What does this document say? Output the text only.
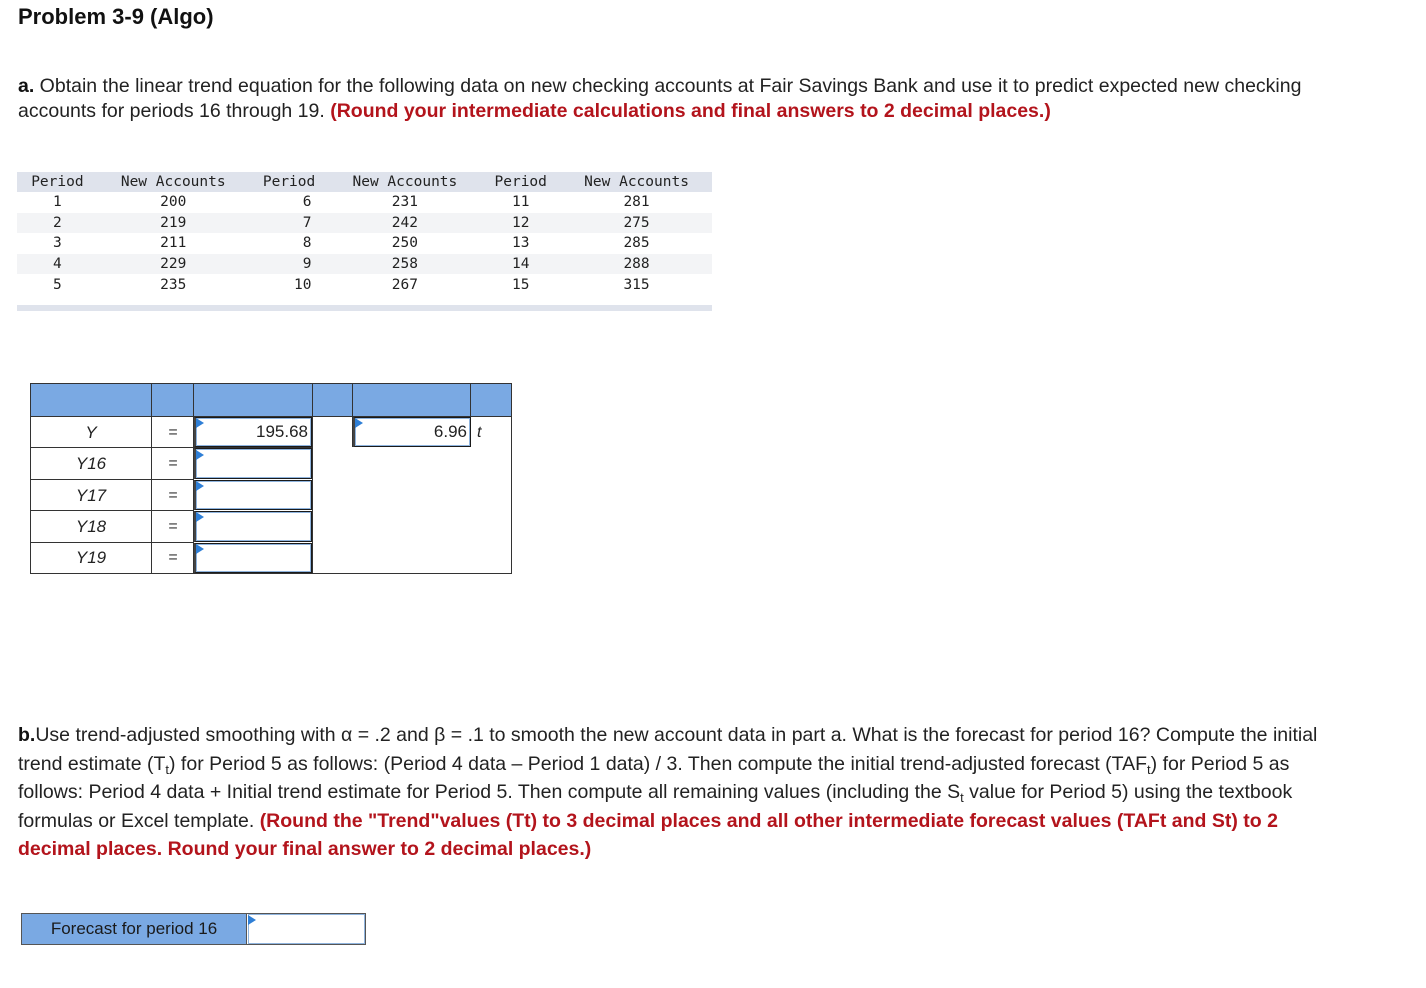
Problem 3-9 (Algo)
a. Obtain the linear trend equation for the following data on new checking accounts at Fair Savings Bank and use it to predict expected new checking accounts for periods 16 through 19. (Round your intermediate calculations and final answers to 2 decimal places.)
Period	New Accounts	Period	New Accounts	Period	New Accounts
1	200	6	231	11	281
2	219	7	242	12	275
3	211	8	250	13	285
4	229	9	258	14	288
5	235	10	267	15	315
Y	=	195.68	6.96 t
Y16	=
Y17	=
Y18	=
Y19	=
b.Use trend-adjusted smoothing with α = .2 and β = .1 to smooth the new account data in part a. What is the forecast for period 16? Compute the initial trend estimate $(T_t)$ for Period 5 as follows: (Period 4 data – Period 1 data) / 3. Then compute the initial trend-adjusted forecast $(TAF_t)$ for Period 5 as follows: Period 4 data + Initial trend estimate for Period 5. Then compute all remaining values (including the $S_t$ value for Period 5) using the textbook formulas or Excel template. (Round the "Trend"values (Tt) to 3 decimal places and all other intermediate forecast values (TAFt and St) to 2 decimal places. Round your final answer to 2 decimal places.)
Forecast for period 16
